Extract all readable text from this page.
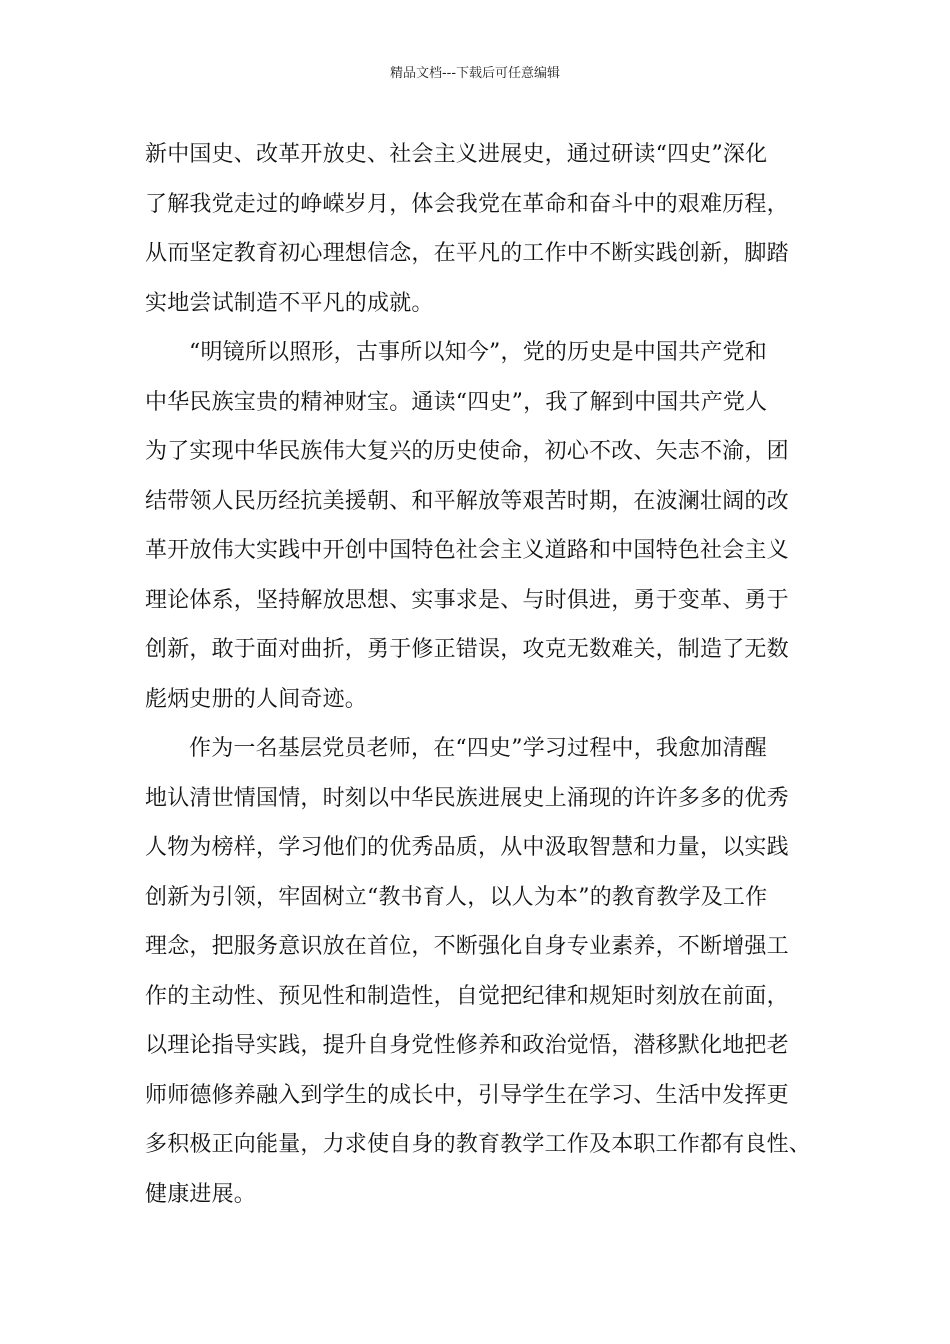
精品文档---下载后可任意编辑
新中国史、改革开放史、社会主义进展史，通过研读“四史”深化
了解我党走过的峥嵘岁月，体会我党在革命和奋斗中的艰难历程，
从而坚定教育初心理想信念，在平凡的工作中不断实践创新，脚踏
实地尝试制造不平凡的成就。
“明镜所以照形，古事所以知今”，党的历史是中国共产党和
中华民族宝贵的精神财宝。通读“四史”，我了解到中国共产党人
为了实现中华民族伟大复兴的历史使命，初心不改、矢志不渝，团
结带领人民历经抗美援朝、和平解放等艰苦时期，在波澜壮阔的改
革开放伟大实践中开创中国特色社会主义道路和中国特色社会主义
理论体系，坚持解放思想、实事求是、与时俱进，勇于变革、勇于
创新，敢于面对曲折，勇于修正错误，攻克无数难关，制造了无数
彪炳史册的人间奇迹。
作为一名基层党员老师，在“四史”学习过程中，我愈加清醒
地认清世情国情，时刻以中华民族进展史上涌现的许许多多的优秀
人物为榜样，学习他们的优秀品质，从中汲取智慧和力量，以实践
创新为引领，牢固树立“教书育人，以人为本”的教育教学及工作
理念，把服务意识放在首位，不断强化自身专业素养，不断增强工
作的主动性、预见性和制造性，自觉把纪律和规矩时刻放在前面，
以理论指导实践，提升自身党性修养和政治觉悟，潜移默化地把老
师师德修养融入到学生的成长中，引导学生在学习、生活中发挥更
多积极正向能量，力求使自身的教育教学工作及本职工作都有良性、
健康进展。
